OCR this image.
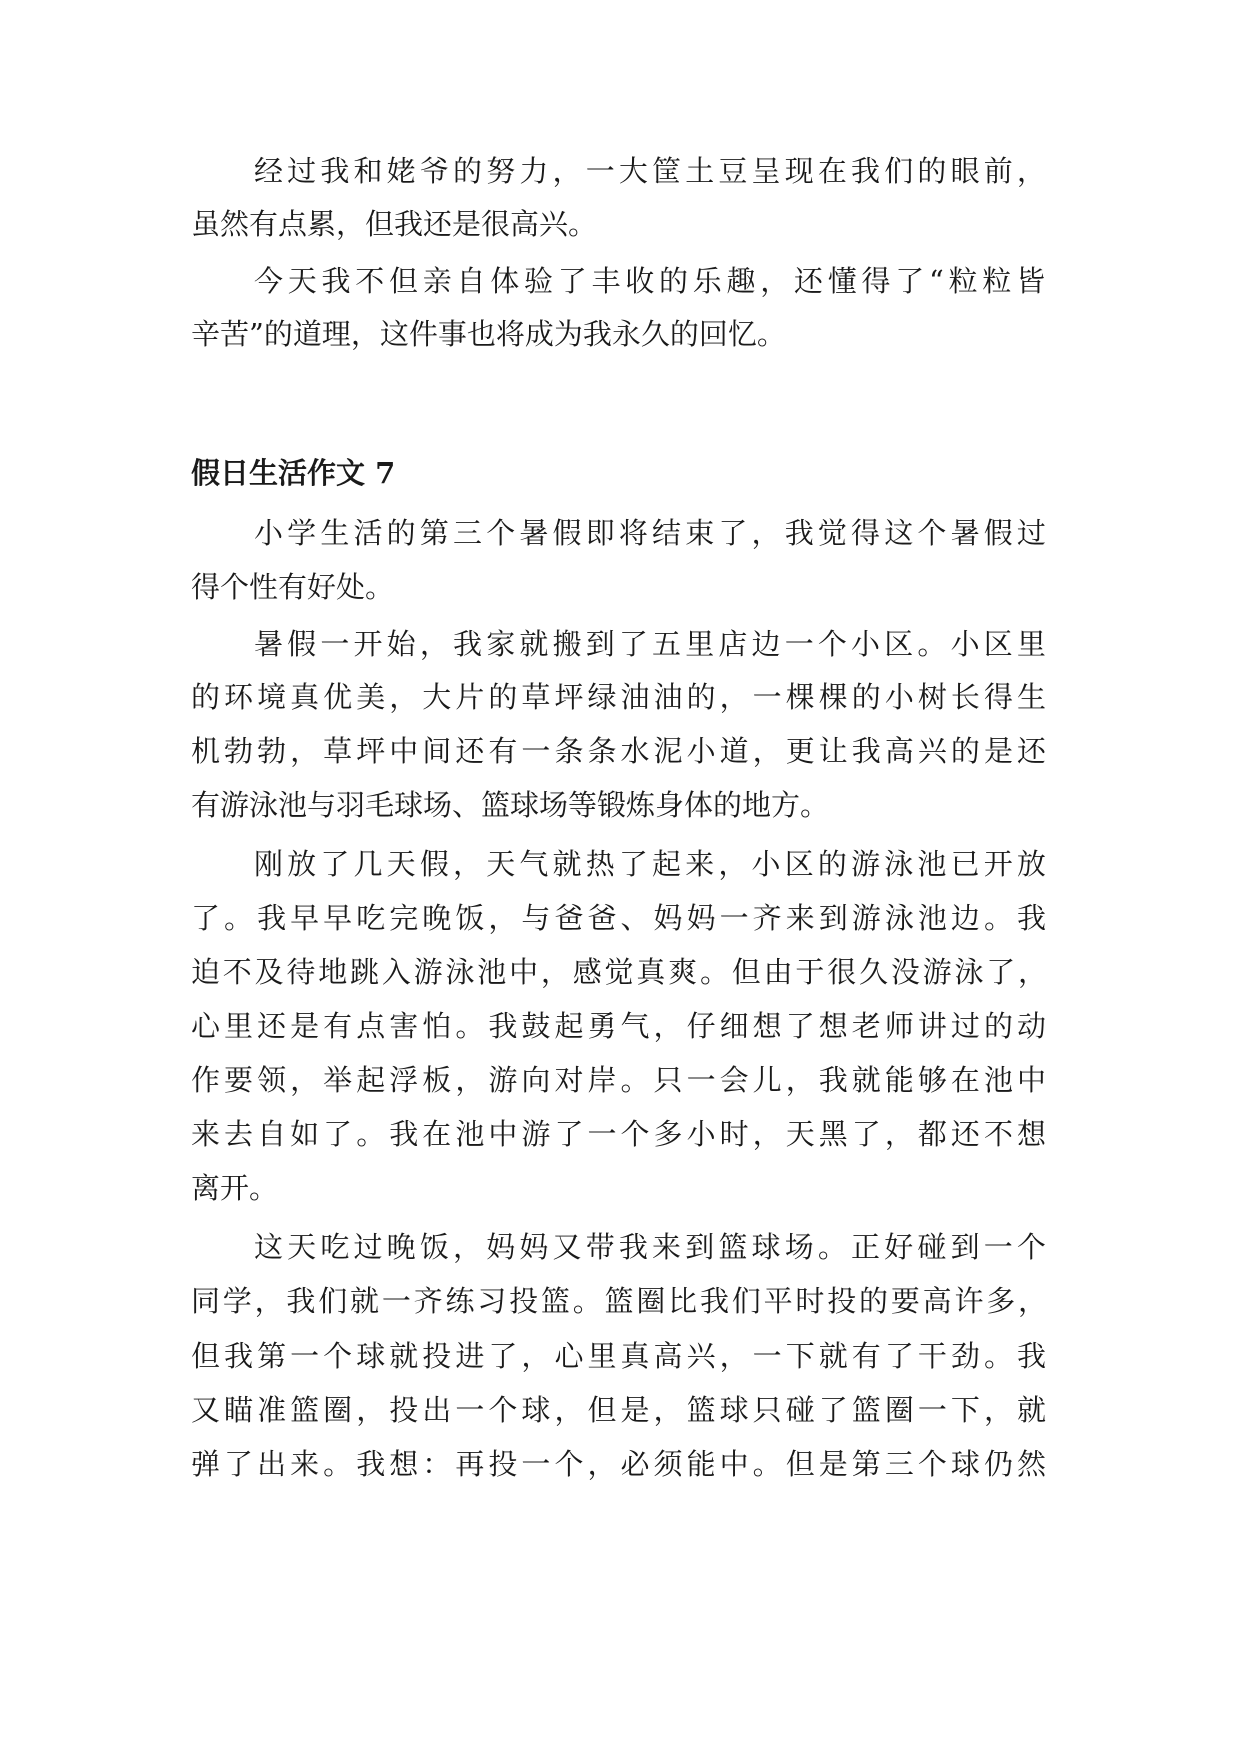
经过我和姥爷的努力，一大筐土豆呈现在我们的眼前，

虽然有点累，但我还是很高兴。

今天我不但亲自体验了丰收的乐趣，还懂得了“粒粒皆

辛苦”的道理，这件事也将成为我永久的回忆。

假日生活作文 7

小学生活的第三个暑假即将结束了，我觉得这个暑假过

得个性有好处。

暑假一开始，我家就搬到了五里店边一个小区。小区里

的环境真优美，大片的草坪绿油油的，一棵棵的小树长得生

机勃勃，草坪中间还有一条条水泥小道，更让我高兴的是还

有游泳池与羽毛球场、篮球场等锻炼身体的地方。

刚放了几天假，天气就热了起来，小区的游泳池已开放

了。我早早吃完晚饭，与爸爸、妈妈一齐来到游泳池边。我

迫不及待地跳入游泳池中，感觉真爽。但由于很久没游泳了，

心里还是有点害怕。我鼓起勇气，仔细想了想老师讲过的动

作要领，举起浮板，游向对岸。只一会儿，我就能够在池中

来去自如了。我在池中游了一个多小时，天黑了，都还不想

离开。

这天吃过晚饭，妈妈又带我来到篮球场。正好碰到一个

同学，我们就一齐练习投篮。篮圈比我们平时投的要高许多，

但我第一个球就投进了，心里真高兴，一下就有了干劲。我

又瞄准篮圈，投出一个球，但是，篮球只碰了篮圈一下，就

弹了出来。我想：再投一个，必须能中。但是第三个球仍然
